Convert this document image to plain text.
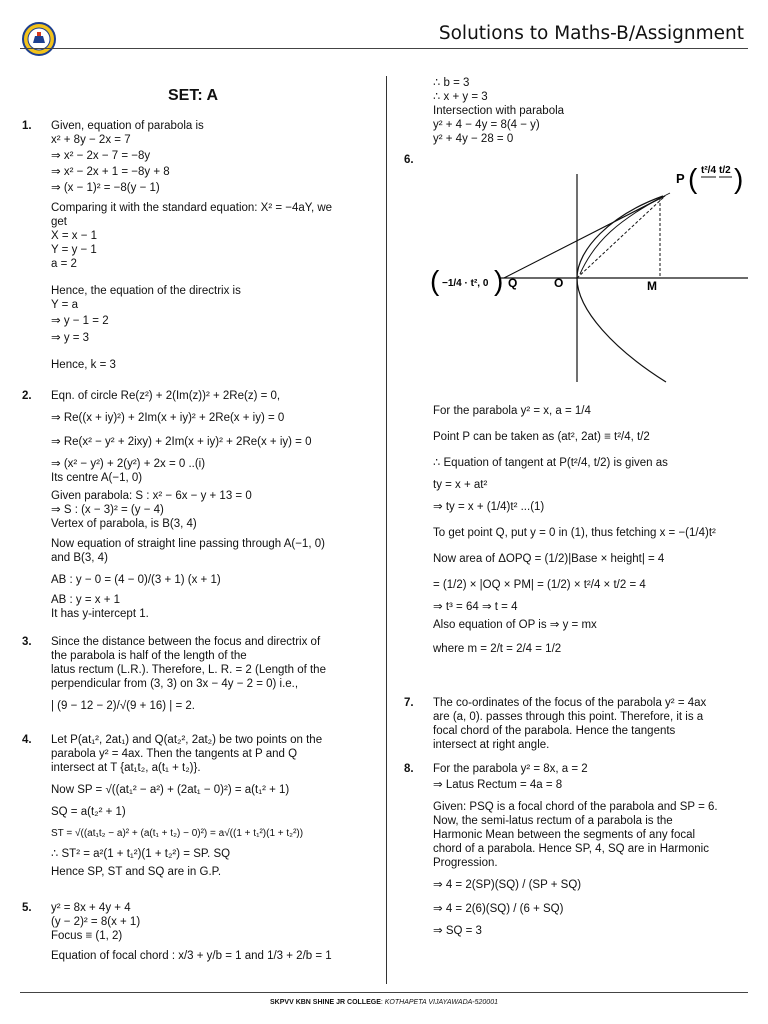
Solutions to Maths-B/Assignment
SET: A
1. Given, equation of parabola is
x² + 8y − 2x = 7
⇒ x² − 2x − 7 = −8y
⇒ x² − 2x + 1 = −8y + 8
⇒ (x − 1)² = −8(y − 1)
Comparing it with the standard equation: X² = −4aY, we
get
X = x − 1
Y = y − 1
a = 2
Hence, the equation of the directrix is
Y = a
⇒ y − 1 = 2
⇒ y = 3
Hence, k = 3
2. Eqn. of circle Re(z²) + 2(Im(z))² + 2Re(z) = 0,
⇒ Re((x + iy)²) + 2Im(x + iy)² + 2Re(x + iy) = 0
⇒ Re(x² − y² + 2ixy) + 2Im(x + iy)² + 2Re(x + iy) = 0
⇒ (x² − y²) + 2(y²) + 2x = 0 ..(i)
Its centre A(−1, 0)
Given parabola: S : x² − 6x − y + 13 = 0
⇒ S : (x − 3)² = (y − 4)
Vertex of parabola, is B(3, 4)
Now equation of straight line passing through A(−1, 0)
and B(3, 4)
AB : y − 0 = (4 − 0)/(3 + 1) (x + 1)
AB : y = x + 1
It has y-intercept 1.
3. Since the distance between the focus and directrix of
the parabola is half of the length of the
latus rectum (L.R.). Therefore, L. R. = 2 (Length of the
perpendicular from (3, 3) on 3x − 4y − 2 = 0) i.e.,
| (9 − 12 − 2)/√(9 + 16) | = 2.
4. Let P(at₁², 2at₁) and Q(at₂², 2at₂) be two points on the
parabola y² = 4ax. Then the tangents at P and Q
intersect at T {at₁t₂, a(t₁ + t₂)}.
Now SP = √((at₁² − a²) + (2at₁ − 0)²) = a(t₁² + 1)
SQ = a(t₂² + 1)
ST = √((at₁t₂ − a)² + (a(t₁ + t₂) − 0)²) = a√((1 + t₁²)(1 + t₂²))
∴ ST² = a²(1 + t₁²)(1 + t₂²) = SP. SQ
Hence SP, ST and SQ are in G.P.
5. y² = 8x + 4y + 4
(y − 2)² = 8(x + 1)
Focus ≡ (1, 2)
Equation of focal chord : x/3 + y/b = 1 and 1/3 + 2/b = 1
∴ b = 3
∴ x + y = 3
Intersection with parabola
y² + 4 − 4y = 8(4 − y)
y² + 4y − 28 = 0
6.
P ( t²/4 t/2 )
( −1/4 · t², 0 ) Q	O	M
For the parabola y² = x, a = 1/4
Point P can be taken as (at², 2at) ≡ t²/4, t/2
∴ Equation of tangent at P(t²/4, t/2) is given as
ty = x + at²
⇒ ty = x + (1/4)t² ...(1)
To get point Q, put y = 0 in (1), thus fetching x = −(1/4)t²
Now area of ΔOPQ = (1/2)|Base × height| = 4
= (1/2) × |OQ × PM| = (1/2) × t²/4 × t/2 = 4
⇒ t³ = 64 ⇒ t = 4
Also equation of OP is ⇒ y = mx
where m = 2/t = 2/4 = 1/2
7. The co-ordinates of the focus of the parabola y² = 4ax
are (a, 0). passes through this point. Therefore, it is a
focal chord of the parabola. Hence the tangents
intersect at right angle.
8. For the parabola y² = 8x, a = 2
⇒ Latus Rectum = 4a = 8
Given: PSQ is a focal chord of the parabola and SP = 6.
Now, the semi-latus rectum of a parabola is the
Harmonic Mean between the segments of any focal
chord of a parabola. Hence SP, 4, SQ are in Harmonic
Progression.
⇒ 4 = 2(SP)(SQ) / (SP + SQ)
⇒ 4 = 2(6)(SQ) / (6 + SQ)
⇒ SQ = 3
SKPVV KBN SHINE JR COLLEGE: KOTHAPETA VIJAYAWADA-520001
